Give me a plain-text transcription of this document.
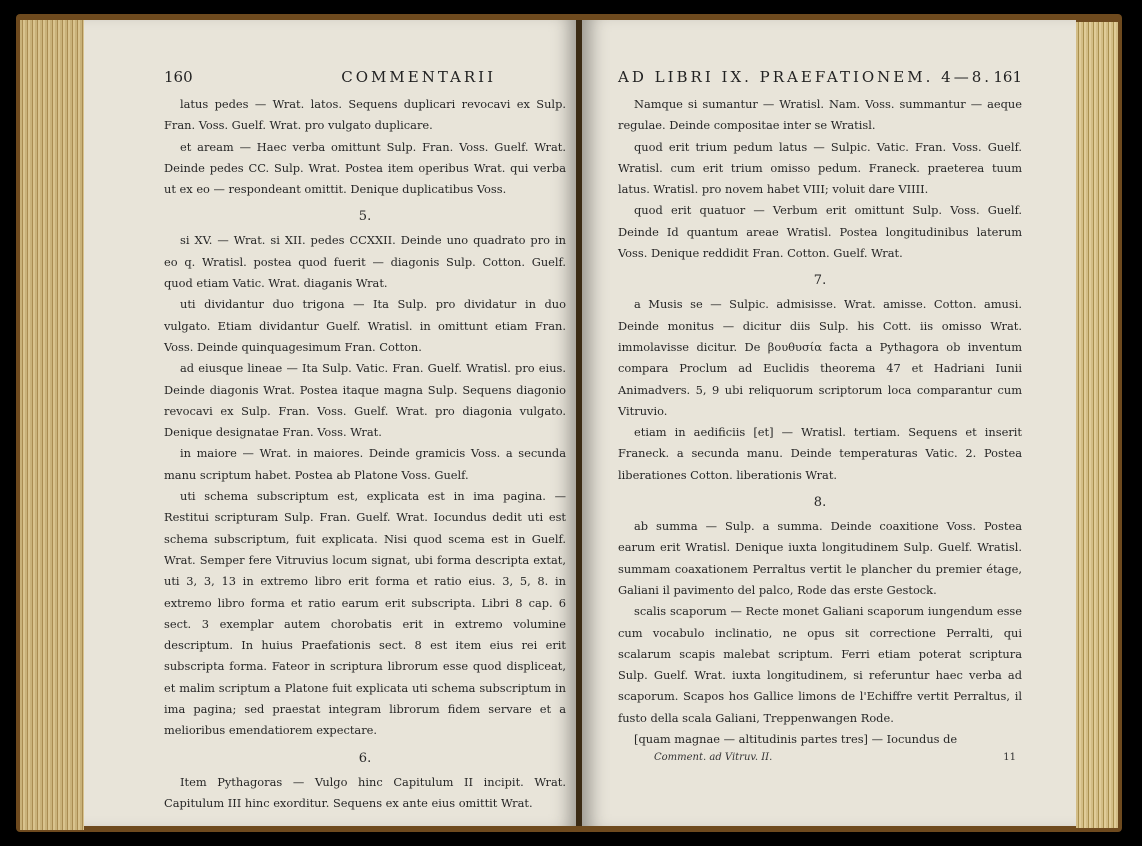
160	COMMENTARII

latus pedes — Wrat. latos. Sequens duplicari revocavi ex Sulp. Fran. Voss. Guelf. Wrat. pro vulgato duplicare.

et aream — Haec verba omittunt Sulp. Fran. Voss. Guelf. Wrat. Deinde pedes CC. Sulp. Wrat. Postea item operibus Wrat. qui verba ut ex eo — respondeant omittit. Denique duplicatibus Voss.

5.

si XV. — Wrat. si XII. pedes CCXXII. Deinde uno quadrato pro in eo q. Wratisl. postea quod fuerit — diagonis Sulp. Cotton. Guelf. quod etiam Vatic. Wrat. diaganis Wrat.

uti dividantur duo trigona — Ita Sulp. pro dividatur in duo vulgato. Etiam dividantur Guelf. Wratisl. in omittunt etiam Fran. Voss. Deinde quinquagesimum Fran. Cotton.

ad eiusque lineae — Ita Sulp. Vatic. Fran. Guelf. Wratisl. pro eius. Deinde diagonis Wrat. Postea itaque magna Sulp. Sequens diagonio revocavi ex Sulp. Fran. Voss. Guelf. Wrat. pro diagonia vulgato. Denique designatae Fran. Voss. Wrat.

in maiore — Wrat. in maiores. Deinde gramicis Voss. a secunda manu scriptum habet. Postea ab Platone Voss. Guelf.

uti schema subscriptum est, explicata est in ima pagina. — Restitui scripturam Sulp. Fran. Guelf. Wrat. Iocundus dedit uti est schema subscriptum, fuit explicata. Nisi quod scema est in Guelf. Wrat. Semper fere Vitruvius locum signat, ubi forma descripta extat, uti 3, 3, 13 in extremo libro erit forma et ratio eius. 3, 5, 8. in extremo libro forma et ratio earum erit subscripta. Libri 8 cap. 6 sect. 3 exemplar autem chorobatis erit in extremo volumine descriptum. In huius Praefationis sect. 8 est item eius rei erit subscripta forma. Fateor in scriptura librorum esse quod displiceat, et malim scriptum a Platone fuit explicata uti schema subscriptum in ima pagina; sed praestat integram librorum fidem servare et a melioribus emendatiorem expectare.

6.

Item Pythagoras — Vulgo hinc Capitulum II incipit. Wrat. Capitulum III hinc exorditur. Sequens ex ante eius omittit Wrat.

AD LIBRI IX. PRAEFATIONEM. 4—8. 161

Namque si sumantur — Wratisl. Nam. Voss. summantur — aeque regulae. Deinde compositae inter se Wratisl.

quod erit trium pedum latus — Sulpic. Vatic. Fran. Voss. Guelf. Wratisl. cum erit trium omisso pedum. Franeck. praeterea tuum latus. Wratisl. pro novem habet VIII; voluit dare VIIII.

quod erit quatuor — Verbum erit omittunt Sulp. Voss. Guelf. Deinde Id quantum areae Wratisl. Postea longitudinibus laterum Voss. Denique reddidit Fran. Cotton. Guelf. Wrat.

7.

a Musis se — Sulpic. admisisse. Wrat. amisse. Cotton. amusi. Deinde monitus — dicitur diis Sulp. his Cott. iis omisso Wrat. immolavisse dicitur. De βουθυσία facta a Pythagora ob inventum compara Proclum ad Euclidis theorema 47 et Hadriani Iunii Animadvers. 5, 9 ubi reliquorum scriptorum loca comparantur cum Vitruvio.

etiam in aedificiis [et] — Wratisl. tertiam. Sequens et inserit Franeck. a secunda manu. Deinde temperaturas Vatic. 2. Postea liberationes Cotton. liberationis Wrat.

8.

ab summa — Sulp. a summa. Deinde coaxitione Voss. Postea earum erit Wratisl. Denique iuxta longitudinem Sulp. Guelf. Wratisl. summam coaxationem Perraltus vertit le plancher du premier étage, Galiani il pavimento del palco, Rode das erste Gestock.

scalis scaporum — Recte monet Galiani scaporum iungendum esse cum vocabulo inclinatio, ne opus sit correctione Perralti, qui scalarum scapis malebat scriptum. Ferri etiam poterat scriptura Sulp. Guelf. Wrat. iuxta longitudinem, si referuntur haec verba ad scaporum. Scapos hos Gallice limons de l'Echiffre vertit Perraltus, il fusto della scala Galiani, Treppenwangen Rode.

[quam magnae — altitudinis partes tres] — Iocundus de

Comment. ad Vitruv. II.	11
